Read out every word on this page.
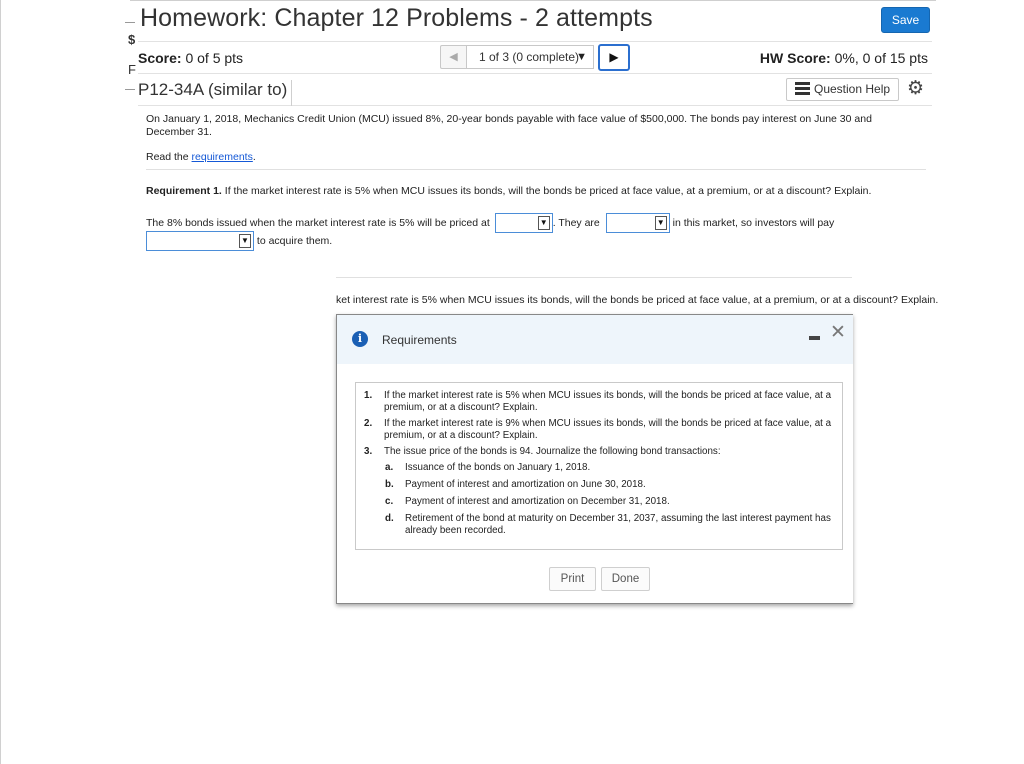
$
F
Homework: Chapter 12 Problems - 2 attempts	Save
Score: 0 of 5 pts	◀	1 of 3 (0 complete)
▼	▶	HW Score: 0%, 0 of 15 pts
P12-34A (similar to)	Question Help ⚙
On January 1, 2018, Mechanics Credit Union (MCU) issued 8%, 20-year bonds payable with face value of $500,000. The bonds pay interest on June 30 and December 31.
Read the requirements.
Requirement 1. If the market interest rate is 5% when MCU issues its bonds, will the bonds be priced at face value, at a premium, or at a discount? Explain.
The 8% bonds issued when the market interest rate is 5% will be priced at	▼ . They are	▼ in this market, so investors will pay
▼ to acquire them.
ket interest rate is 5% when MCU issues its bonds, will the bonds be priced at face value, at a premium, or at a discount? Explain.
i	Requirements	✕
1. If the market interest rate is 5% when MCU issues its bonds, will the bonds be priced at face value, at a premium, or at a discount? Explain.
2. If the market interest rate is 9% when MCU issues its bonds, will the bonds be priced at face value, at a premium, or at a discount? Explain.
3. The issue price of the bonds is 94. Journalize the following bond transactions:
a. Issuance of the bonds on January 1, 2018.
b. Payment of interest and amortization on June 30, 2018.
c. Payment of interest and amortization on December 31, 2018.
d. Retirement of the bond at maturity on December 31, 2037, assuming the last interest payment has already been recorded.
Print	Done
